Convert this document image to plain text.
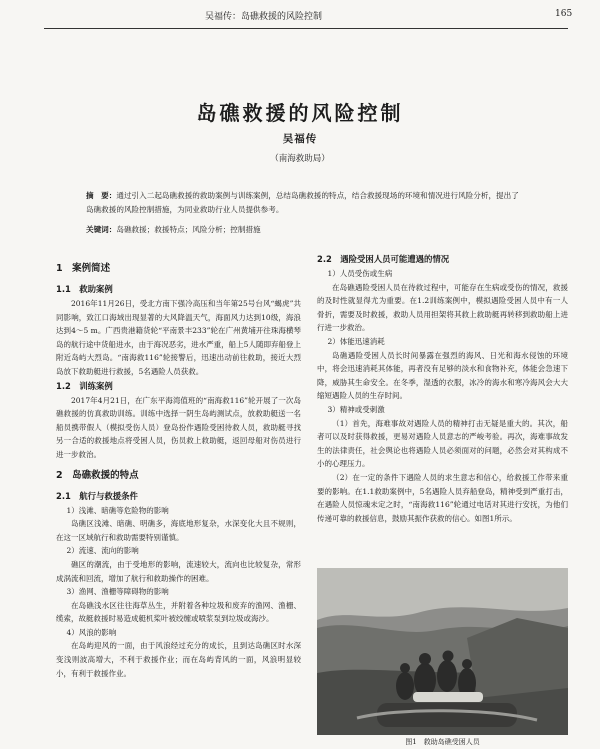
吴福传：岛礁救援的风险控制	165
岛礁救援的风险控制
吴福传
（南海救助局）
摘　要：通过引入二起岛礁救援的救助案例与训练案例，总结岛礁救援的特点，结合救援现场的环境和情况进行风险分析，提出了岛礁救援的风险控制措施，为同业救助行业人员提供参考。
关键词：岛礁救援；救援特点；风险分析；控制措施
1　案例简述
1.1　救助案例

2016年11月26日，受北方南下强冷高压和当年第25号台风“蝎虎”共同影响，致江口海域出现显著的大风降温天气，海面风力达到10级，海浪达到4～5 m。广西贵港籍货轮“平南景丰233”轮在广州黄埔开往珠海横琴岛的航行途中货船进水，由于海况恶劣，进水严重，船上5人随即弃船登上附近岛屿大烈岛。“南海救116”轮接警后，迅速出动前往救助，接近大烈岛放下救助艇进行救援，5名遇险人员获救。

1.2　训练案例

2017年4月21日，在广东平海湾值班的“南海救116”轮开展了一次岛礁救援的仿真救助训练。训练中选择一阴生岛屿测试点，放救助艇送一名船员携带假人（模拟受伤人员）登岛扮作遇险受困待救人员，救助艇寻找另一合适的救援地点将受困人员，伤员救上救助艇，返回母船对伤员进行进一步救治。

2　岛礁救援的特点
2.1　航行与救援条件

1）浅滩、暗礁等危险物的影响

岛礁区浅滩、暗礁、明礁多，海底地形复杂，水深变化大且不规则，在这一区域航行和救助需要特别谨慎。

2）流速、流向的影响

礁区的潮流，由于受地形的影响，流速较大，流向也比较复杂，常形成涡流和回流，增加了航行和救助操作的困难。

3）渔网、渔栅等障碍物的影响

在岛礁浅水区往往海草丛生，并附着各种垃圾和废弃的渔网、渔栅、缆索，故艇救援时易造成艇机桨叶被绞缠或喷浆泵到垃圾或海沙。

4）风浪的影响

在岛屿迎风的一面，由于风浪经过充分的成长，且到达岛礁区时水深变浅则波高增大，不利于救援作业；而在岛屿背风的一面，风浪明显较小，有利于救援作业。

2.2　遇险受困人员可能遭遇的情况

1）人员受伤或生病

在岛礁遇险受困人员在待救过程中，可能存在生病或受伤的情况，救援的及时性就显得尤为重要。在1.2训练案例中，模拟遇险受困人员中有一人骨折，需要及时救援，救助人员用担架将其救上救助艇再转移到救助船上进行进一步救治。

2）体能迅速消耗

岛礁遇险受困人员长时间暴露在强烈的海风、日光和海水侵蚀的环境中，将会迅速消耗其体能，再者没有足够的淡水和食物补充，体能会急速下降，威胁其生命安全。在冬季，湿透的衣服，冰冷的海水和寒冷海风会大大缩短遇险人员的生存时间。

3）精神或受刺激

（1）首先，海难事故对遇险人员的精神打击无疑是重大的。其次，船者可以及时获得救援，更易对遇险人员意志的严峻考验。再次，海难事故发生的法律责任，社会舆论也将遇险人员必须面对的问题，必然会对其构成不小的心理压力。

（2）在一定的条件下遇险人员的求生意志和信心，给救援工作带来重要的影响。在1.1救助案例中，5名遇险人员弃船登岛，精神受到严重打击，在遇险人员惊魂未定之时，“南海救116”轮通过电话对其进行安抚，为他们传递可靠的救援信息，鼓励其振作获救的信心。如图1所示。

图1　救助岛礁受困人员
